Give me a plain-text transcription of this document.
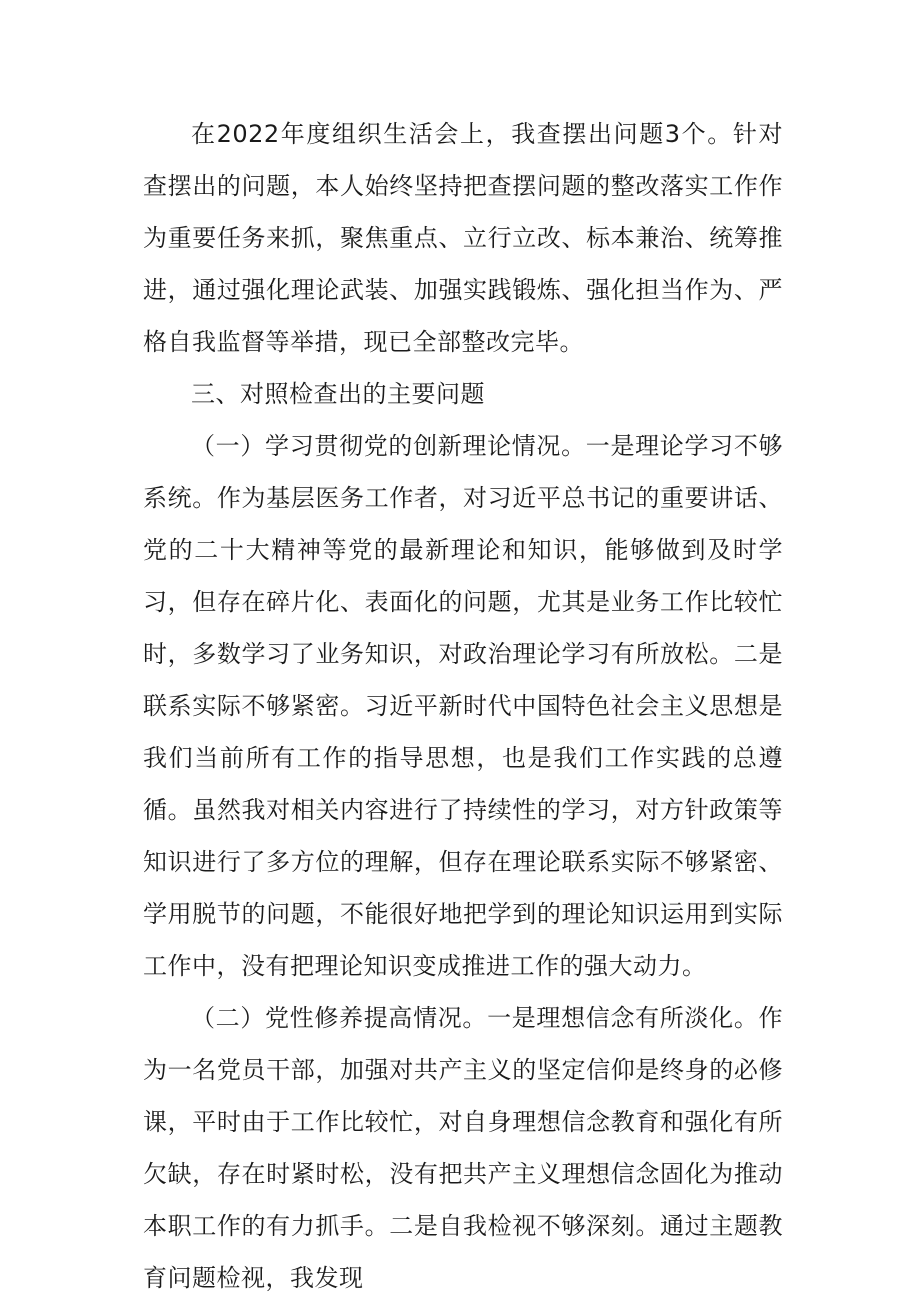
在2022年度组织生活会上，我查摆出问题3个。针对查摆出的问题，本人始终坚持把查摆问题的整改落实工作作为重要任务来抓，聚焦重点、立行立改、标本兼治、统筹推进，通过强化理论武装、加强实践锻炼、强化担当作为、严格自我监督等举措，现已全部整改完毕。

三、对照检查出的主要问题

（一）学习贯彻党的创新理论情况。一是理论学习不够系统。作为基层医务工作者，对习近平总书记的重要讲话、党的二十大精神等党的最新理论和知识，能够做到及时学习，但存在碎片化、表面化的问题，尤其是业务工作比较忙时，多数学习了业务知识，对政治理论学习有所放松。二是联系实际不够紧密。习近平新时代中国特色社会主义思想是我们当前所有工作的指导思想，也是我们工作实践的总遵循。虽然我对相关内容进行了持续性的学习，对方针政策等知识进行了多方位的理解，但存在理论联系实际不够紧密、学用脱节的问题，不能很好地把学到的理论知识运用到实际工作中，没有把理论知识变成推进工作的强大动力。

（二）党性修养提高情况。一是理想信念有所淡化。作为一名党员干部，加强对共产主义的坚定信仰是终身的必修课，平时由于工作比较忙，对自身理想信念教育和强化有所欠缺，存在时紧时松，没有把共产主义理想信念固化为推动本职工作的有力抓手。二是自我检视不够深刻。通过主题教育问题检视，我发现
